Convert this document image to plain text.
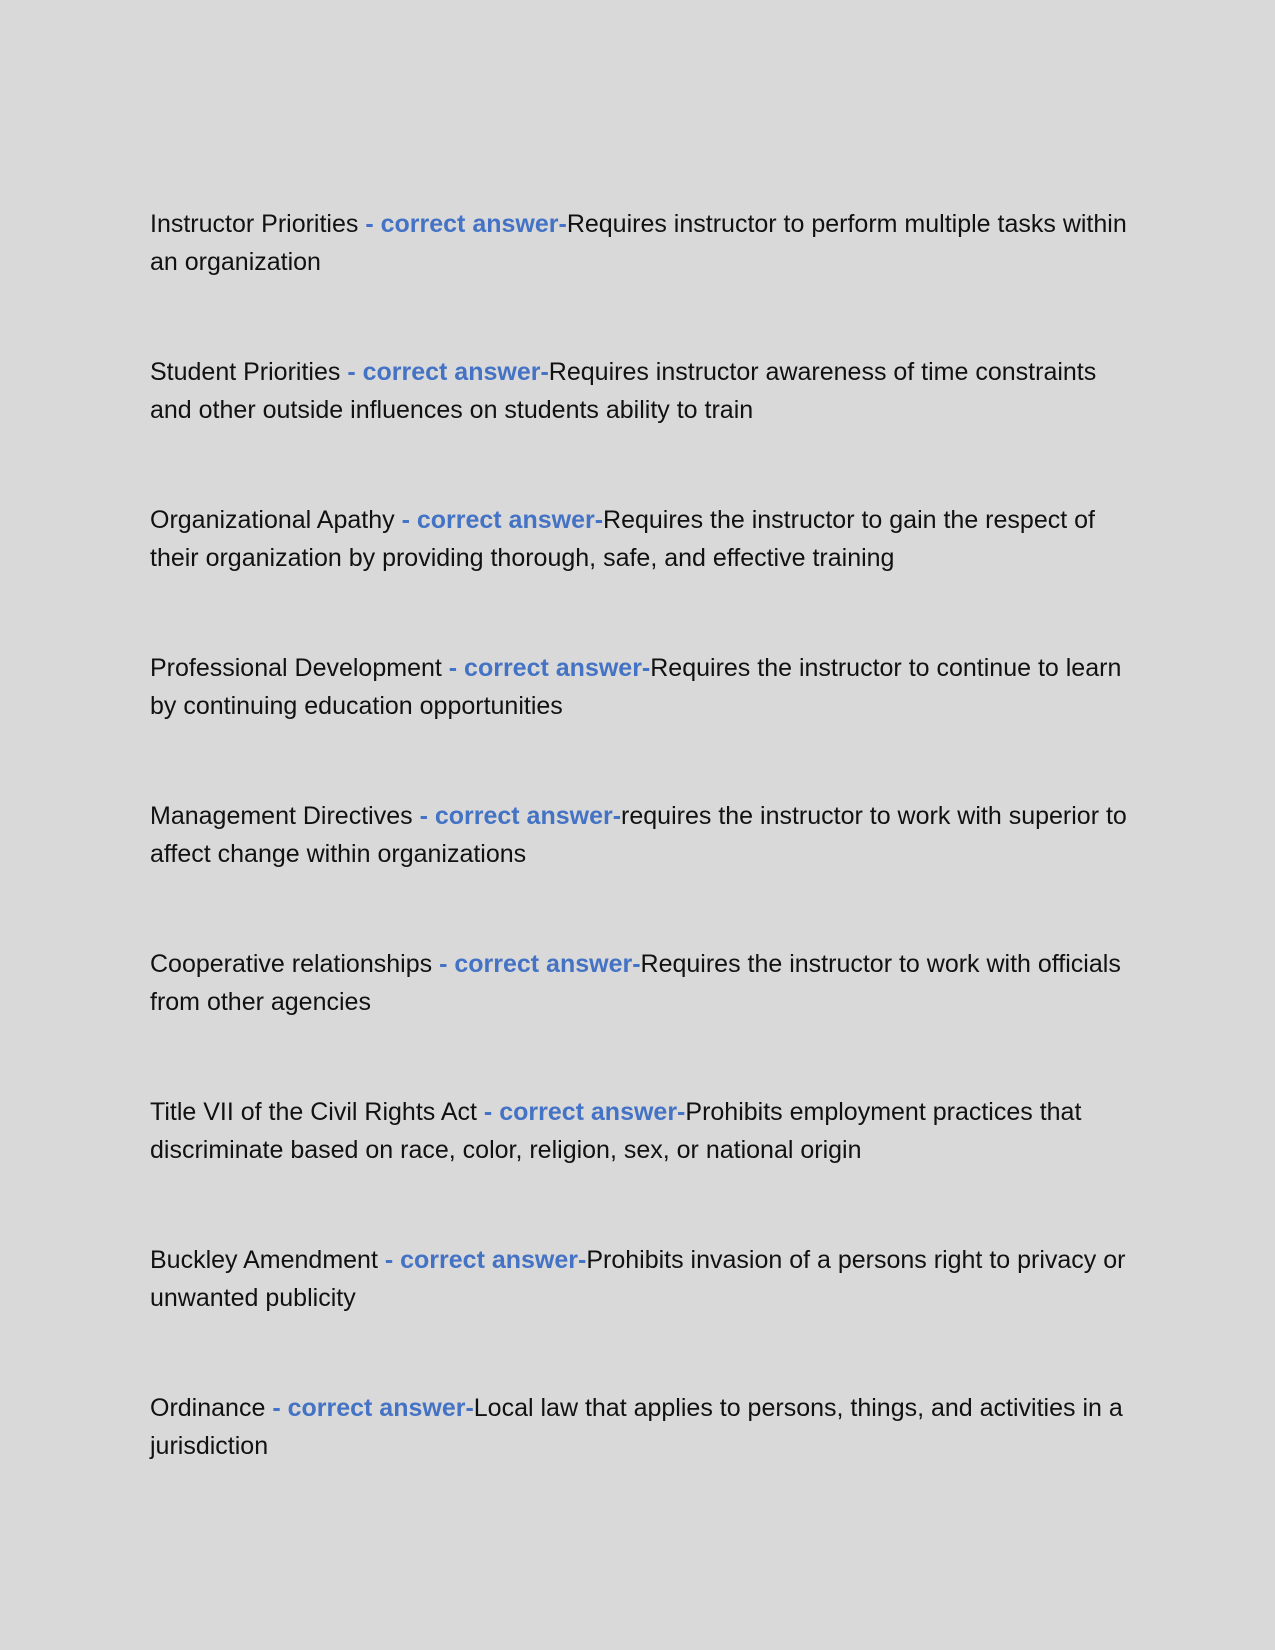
Instructor Priorities - correct answer-Requires instructor to perform multiple tasks within an organization

Student Priorities - correct answer-Requires instructor awareness of time constraints and other outside influences on students ability to train

Organizational Apathy - correct answer-Requires the instructor to gain the respect of their organization by providing thorough, safe, and effective training

Professional Development - correct answer-Requires the instructor to continue to learn by continuing education opportunities

Management Directives - correct answer-requires the instructor to work with superior to affect change within organizations

Cooperative relationships - correct answer-Requires the instructor to work with officials from other agencies

Title VII of the Civil Rights Act - correct answer-Prohibits employment practices that discriminate based on race, color, religion, sex, or national origin

Buckley Amendment - correct answer-Prohibits invasion of a persons right to privacy or unwanted publicity

Ordinance - correct answer-Local law that applies to persons, things, and activities in a jurisdiction
